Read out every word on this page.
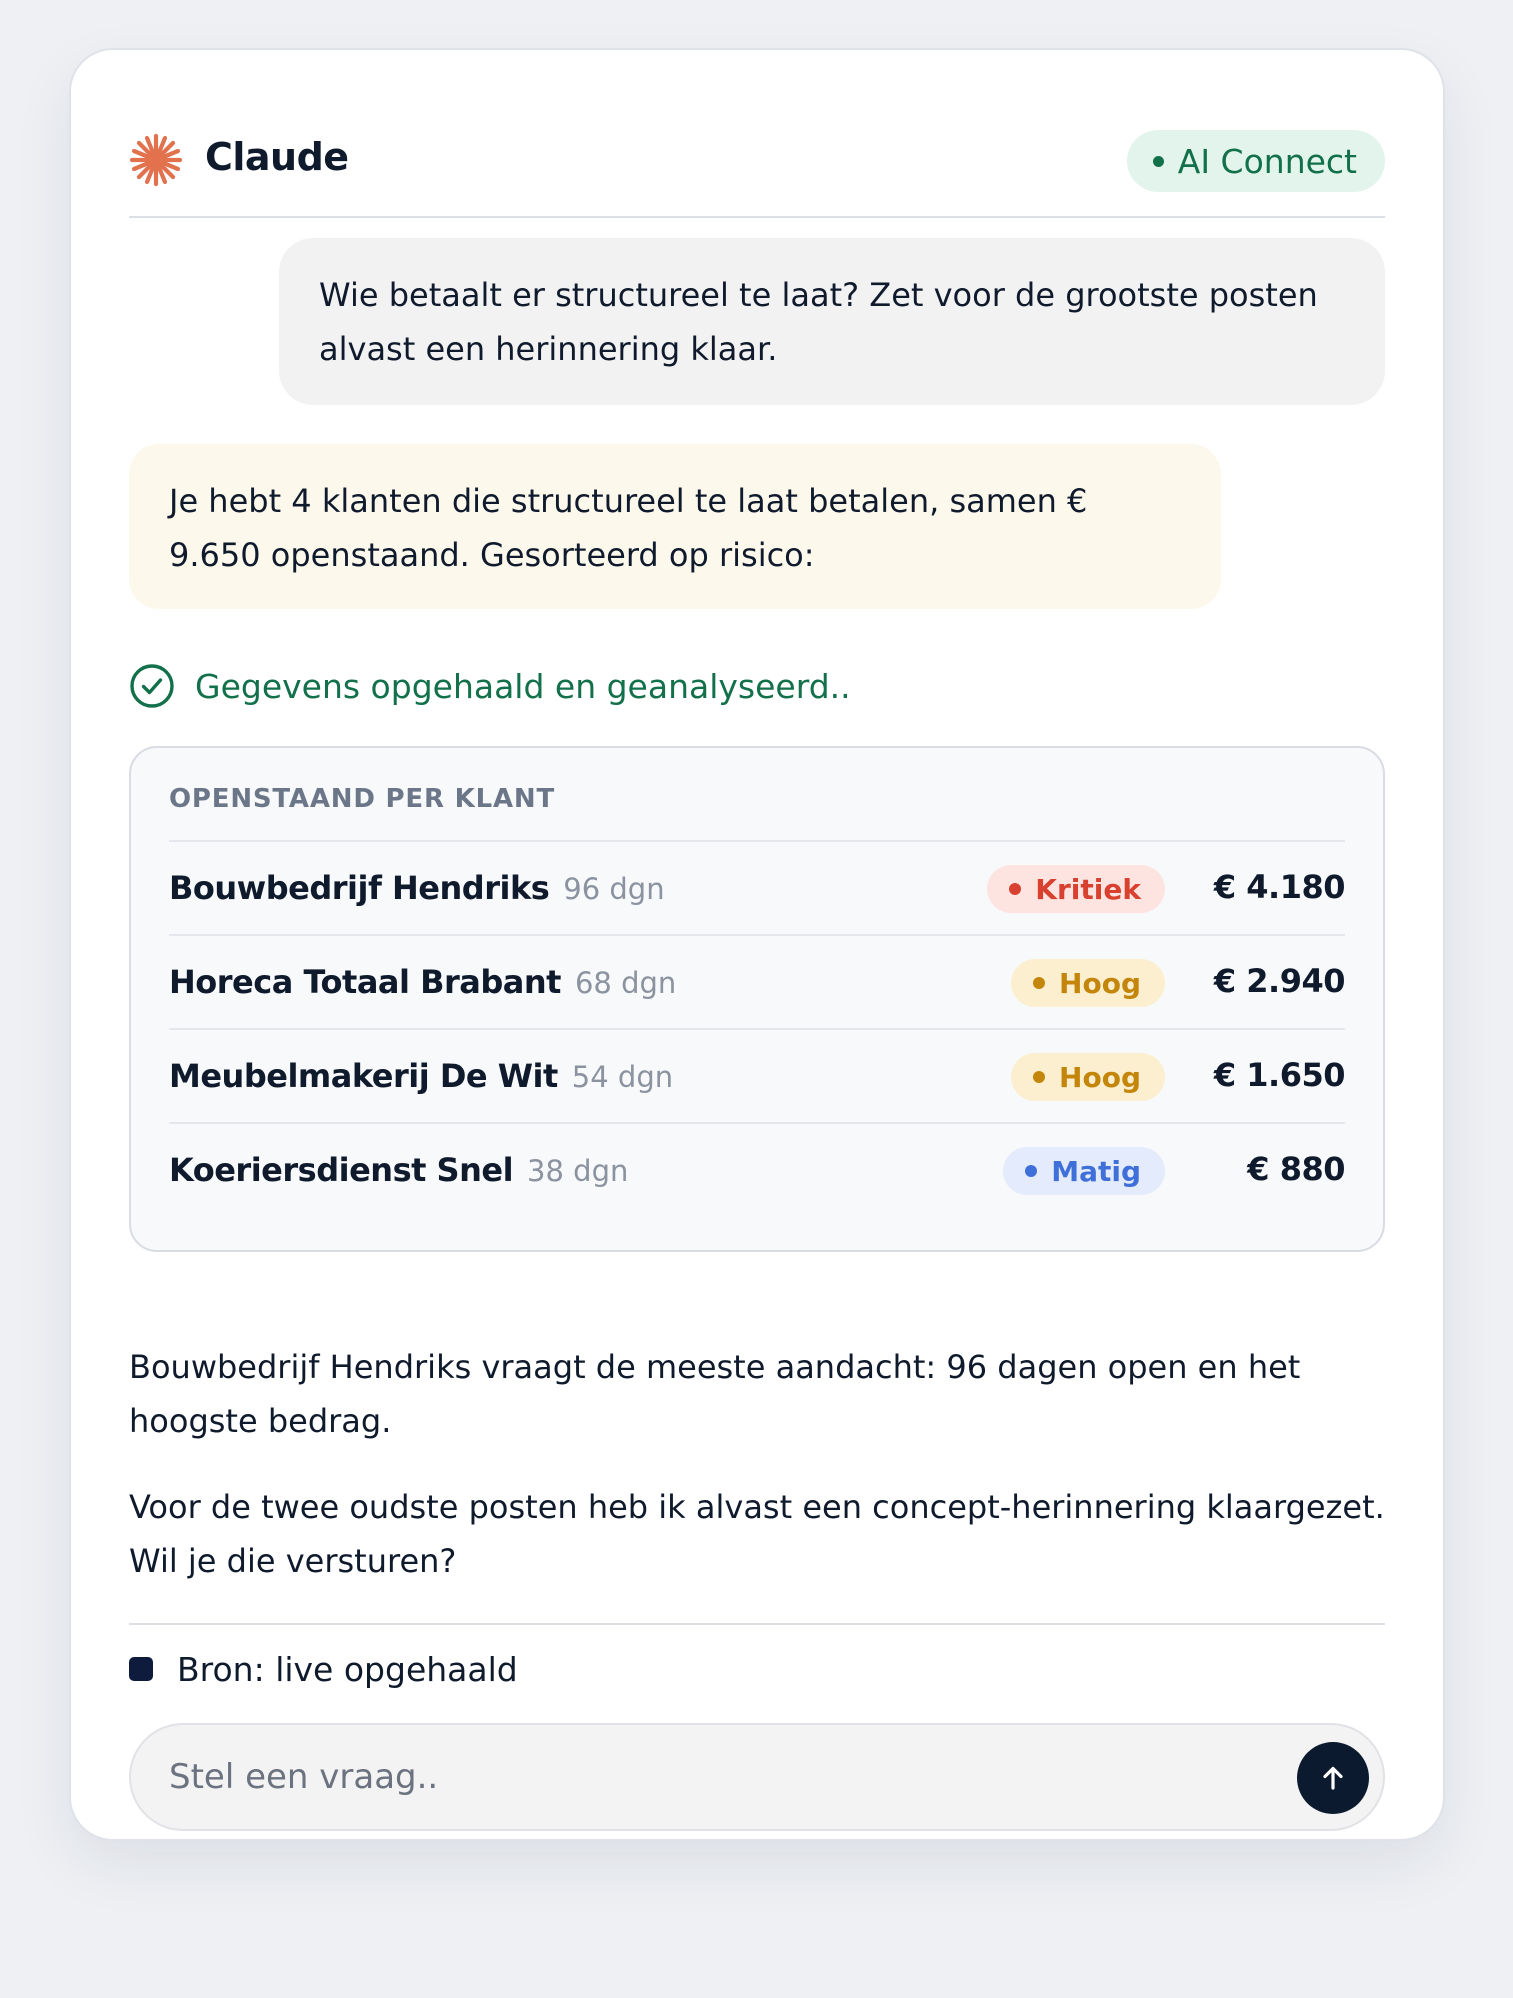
Claude	AI Connect
Wie betaalt er structureel te laat? Zet voor de grootste posten alvast een herinnering klaar.
Je hebt 4 klanten die structureel te laat betalen, samen € 9.650 openstaand. Gesorteerd op risico:
Gegevens opgehaald en geanalyseerd..
OPENSTAAND PER KLANT
Bouwbedrijf Hendriks 96 dgn	Kritiek € 4.180
Horeca Totaal Brabant 68 dgn	Hoog € 2.940
Meubelmakerij De Wit 54 dgn	Hoog € 1.650
Koeriersdienst Snel 38 dgn	Matig	€ 880

Bouwbedrijf Hendriks vraagt de meeste aandacht: 96 dagen open en het hoogste bedrag.

Voor de twee oudste posten heb ik alvast een concept-herinnering klaargezet. Wil je die versturen?

Bron: live opgehaald
Stel een vraag..
